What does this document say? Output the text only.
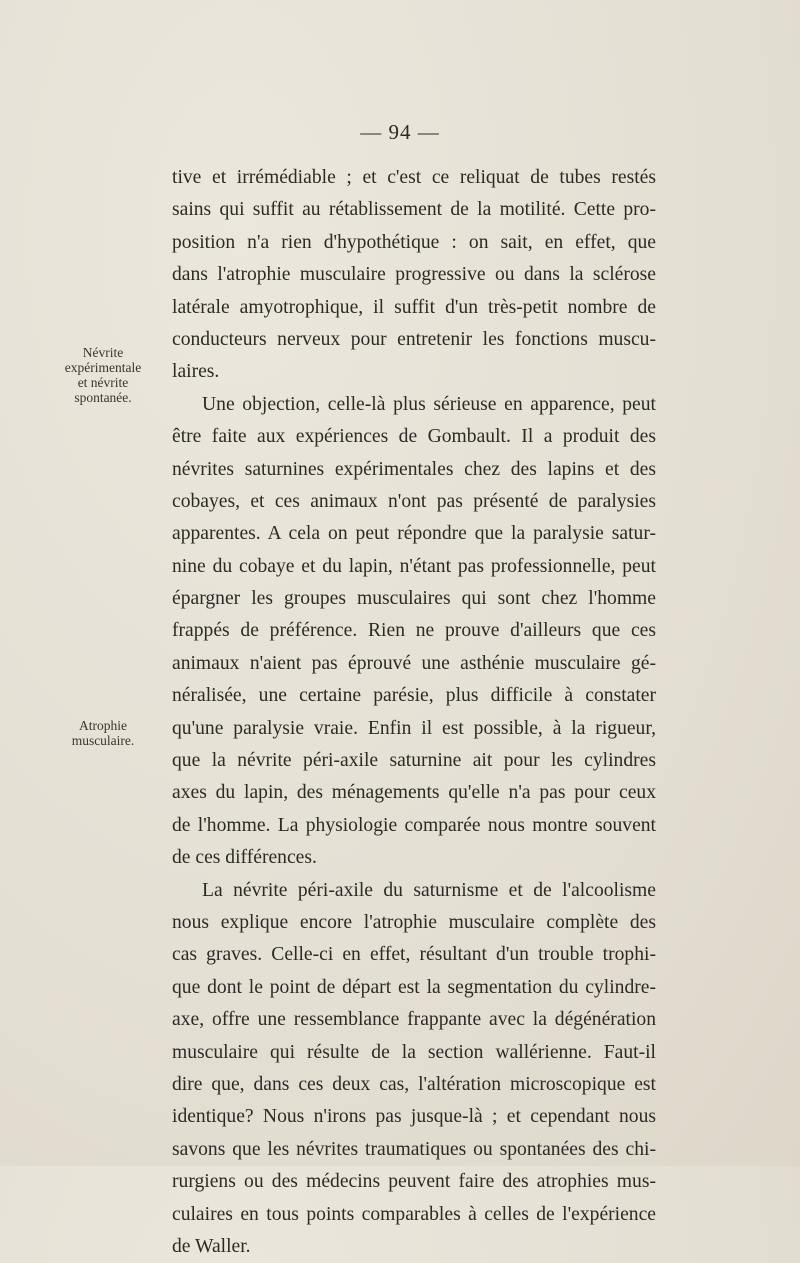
— 94 —
Névrite
expérimentale
et névrite
spontanée.
Atrophie
musculaire.
tive et irrémédiable ; et c'est ce reliquat de tubes restés
sains qui suffit au rétablissement de la motilité. Cette pro-
position n'a rien d'hypothétique : on sait, en effet, que
dans l'atrophie musculaire progressive ou dans la sclérose
latérale amyotrophique, il suffit d'un très-petit nombre de
conducteurs nerveux pour entretenir les fonctions muscu-
laires.
Une objection, celle-là plus sérieuse en apparence, peut
être faite aux expériences de Gombault. Il a produit des
névrites saturnines expérimentales chez des lapins et des
cobayes, et ces animaux n'ont pas présenté de paralysies
apparentes. A cela on peut répondre que la paralysie satur-
nine du cobaye et du lapin, n'étant pas professionnelle, peut
épargner les groupes musculaires qui sont chez l'homme
frappés de préférence. Rien ne prouve d'ailleurs que ces
animaux n'aient pas éprouvé une asthénie musculaire gé-
néralisée, une certaine parésie, plus difficile à constater
qu'une paralysie vraie. Enfin il est possible, à la rigueur,
que la névrite péri-axile saturnine ait pour les cylindres
axes du lapin, des ménagements qu'elle n'a pas pour ceux
de l'homme. La physiologie comparée nous montre souvent
de ces différences.
La névrite péri-axile du saturnisme et de l'alcoolisme
nous explique encore l'atrophie musculaire complète des
cas graves. Celle-ci en effet, résultant d'un trouble trophi-
que dont le point de départ est la segmentation du cylindre-
axe, offre une ressemblance frappante avec la dégénération
musculaire qui résulte de la section wallérienne. Faut-il
dire que, dans ces deux cas, l'altération microscopique est
identique? Nous n'irons pas jusque-là ; et cependant nous
savons que les névrites traumatiques ou spontanées des chi-
rurgiens ou des médecins peuvent faire des atrophies mus-
culaires en tous points comparables à celles de l'expérience
de Waller.
